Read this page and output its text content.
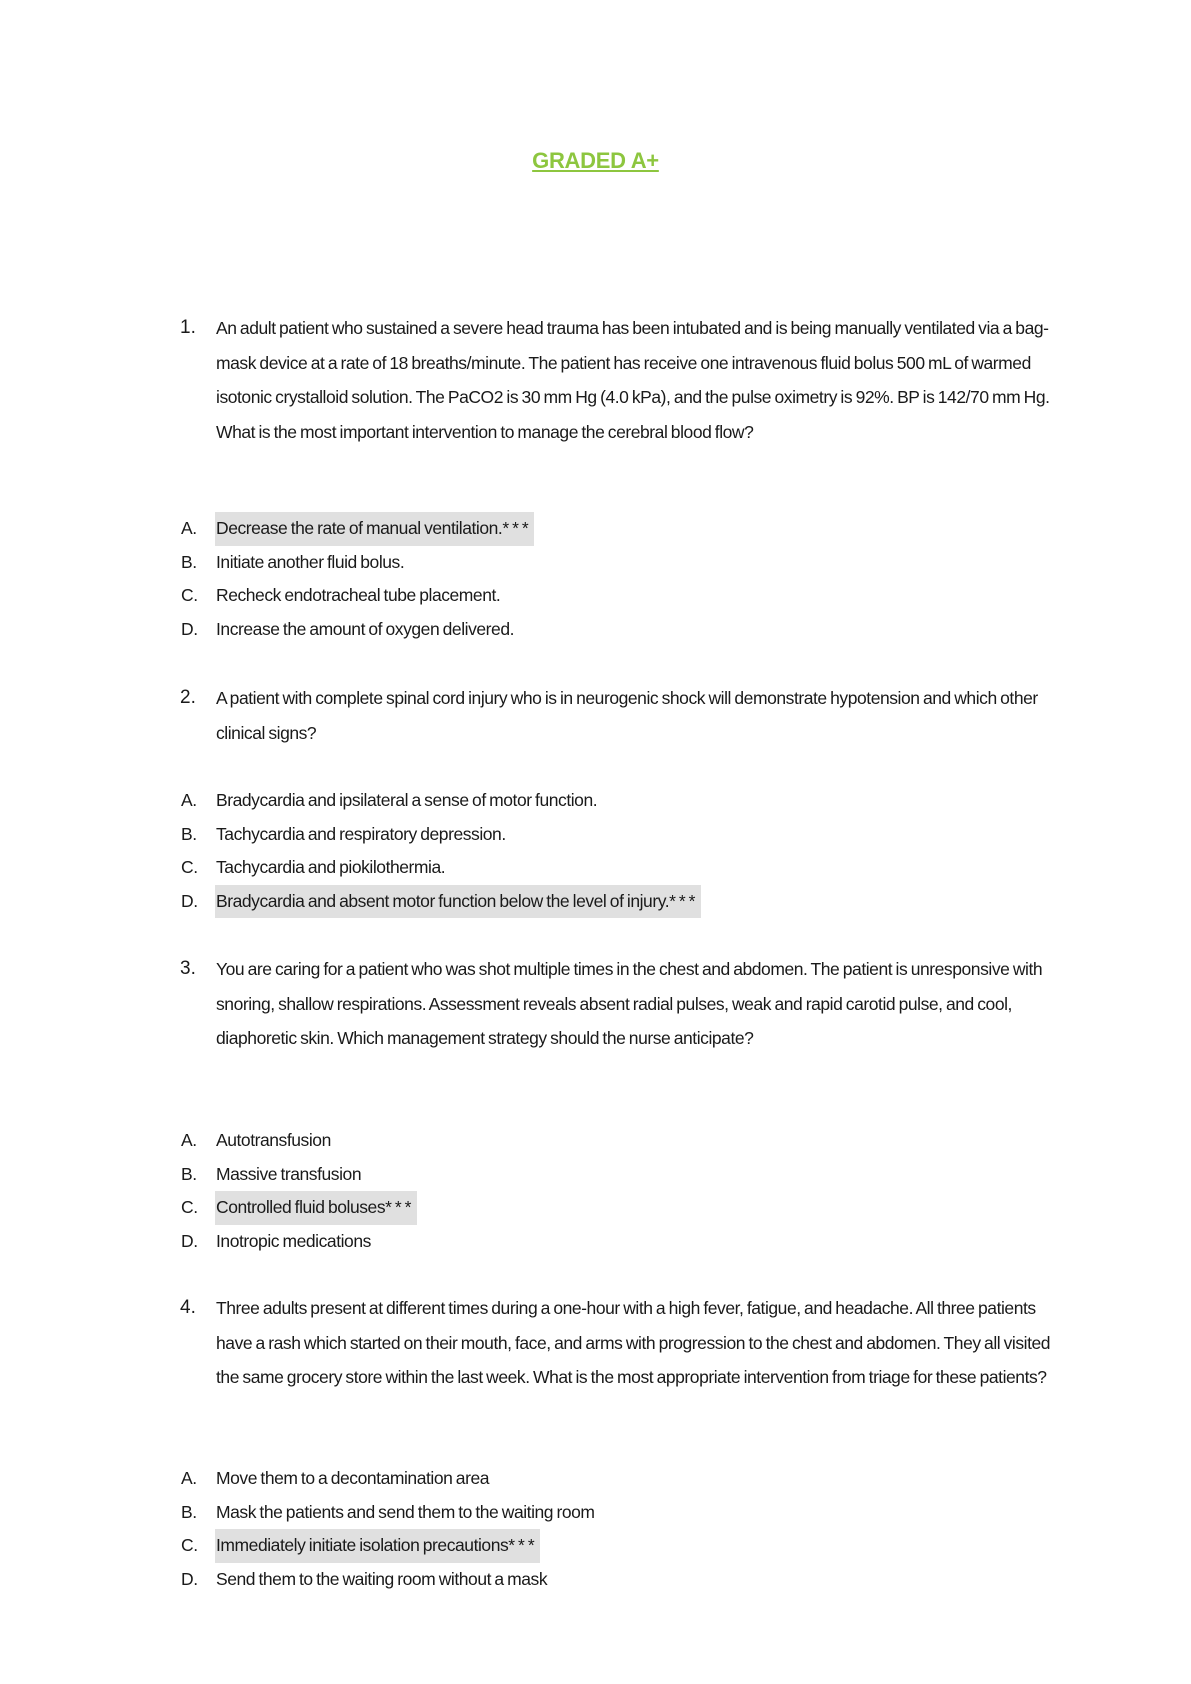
GRADED A+
1. An adult patient who sustained a severe head trauma has been intubated and is being manually ventilated via a bag-mask device at a rate of 18 breaths/minute. The patient has receive one intravenous fluid bolus 500 mL of warmed isotonic crystalloid solution. The PaCO2 is 30 mm Hg (4.0 kPa), and the pulse oximetry is 92%. BP is 142/70 mm Hg. What is the most important intervention to manage the cerebral blood flow?
A. Decrease the rate of manual ventilation.* * *
B. Initiate another fluid bolus.
C. Recheck endotracheal tube placement.
D. Increase the amount of oxygen delivered.
2. A patient with complete spinal cord injury who is in neurogenic shock will demonstrate hypotension and which other clinical signs?
A. Bradycardia and ipsilateral a sense of motor function.
B. Tachycardia and respiratory depression.
C. Tachycardia and piokilothermia.
D. Bradycardia and absent motor function below the level of injury.* * *
3. You are caring for a patient who was shot multiple times in the chest and abdomen. The patient is unresponsive with snoring, shallow respirations. Assessment reveals absent radial pulses, weak and rapid carotid pulse, and cool, diaphoretic skin. Which management strategy should the nurse anticipate?
A. Autotransfusion
B. Massive transfusion
C. Controlled fluid boluses* * *
D. Inotropic medications
4. Three adults present at different times during a one-hour with a high fever, fatigue, and headache. All three patients have a rash which started on their mouth, face, and arms with progression to the chest and abdomen. They all visited the same grocery store within the last week. What is the most appropriate intervention from triage for these patients?
A. Move them to a decontamination area
B. Mask the patients and send them to the waiting room
C. Immediately initiate isolation precautions* * *
D. Send them to the waiting room without a mask
